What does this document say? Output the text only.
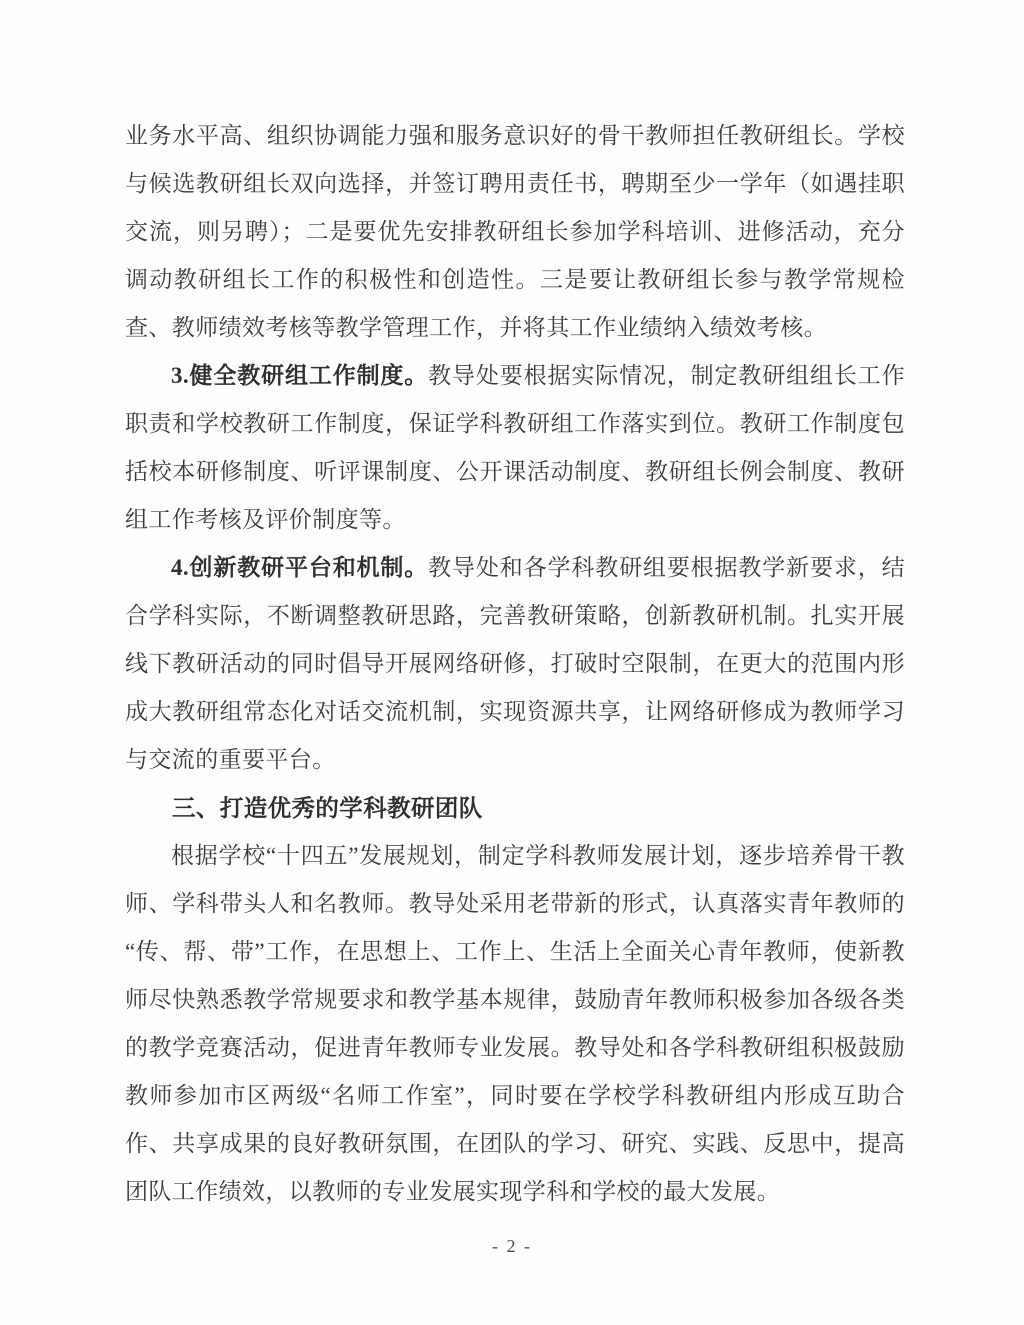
业务水平高、组织协调能力强和服务意识好的骨干教师担任教研组长。学校与候选教研组长双向选择，并签订聘用责任书，聘期至少一学年（如遇挂职交流，则另聘）；二是要优先安排教研组长参加学科培训、进修活动，充分调动教研组长工作的积极性和创造性。三是要让教研组长参与教学常规检查、教师绩效考核等教学管理工作，并将其工作业绩纳入绩效考核。

3.健全教研组工作制度。教导处要根据实际情况，制定教研组组长工作职责和学校教研工作制度，保证学科教研组工作落实到位。教研工作制度包括校本研修制度、听评课制度、公开课活动制度、教研组长例会制度、教研组工作考核及评价制度等。

4.创新教研平台和机制。教导处和各学科教研组要根据教学新要求，结合学科实际，不断调整教研思路，完善教研策略，创新教研机制。扎实开展线下教研活动的同时倡导开展网络研修，打破时空限制，在更大的范围内形成大教研组常态化对话交流机制，实现资源共享，让网络研修成为教师学习与交流的重要平台。

三、打造优秀的学科教研团队

根据学校“十四五”发展规划，制定学科教师发展计划，逐步培养骨干教师、学科带头人和名教师。教导处采用老带新的形式，认真落实青年教师的“传、帮、带”工作，在思想上、工作上、生活上全面关心青年教师，使新教师尽快熟悉教学常规要求和教学基本规律，鼓励青年教师积极参加各级各类的教学竞赛活动，促进青年教师专业发展。教导处和各学科教研组积极鼓励教师参加市区两级“名师工作室”，同时要在学校学科教研组内形成互助合作、共享成果的良好教研氛围，在团队的学习、研究、实践、反思中，提高团队工作绩效，以教师的专业发展实现学科和学校的最大发展。

- 2 -
